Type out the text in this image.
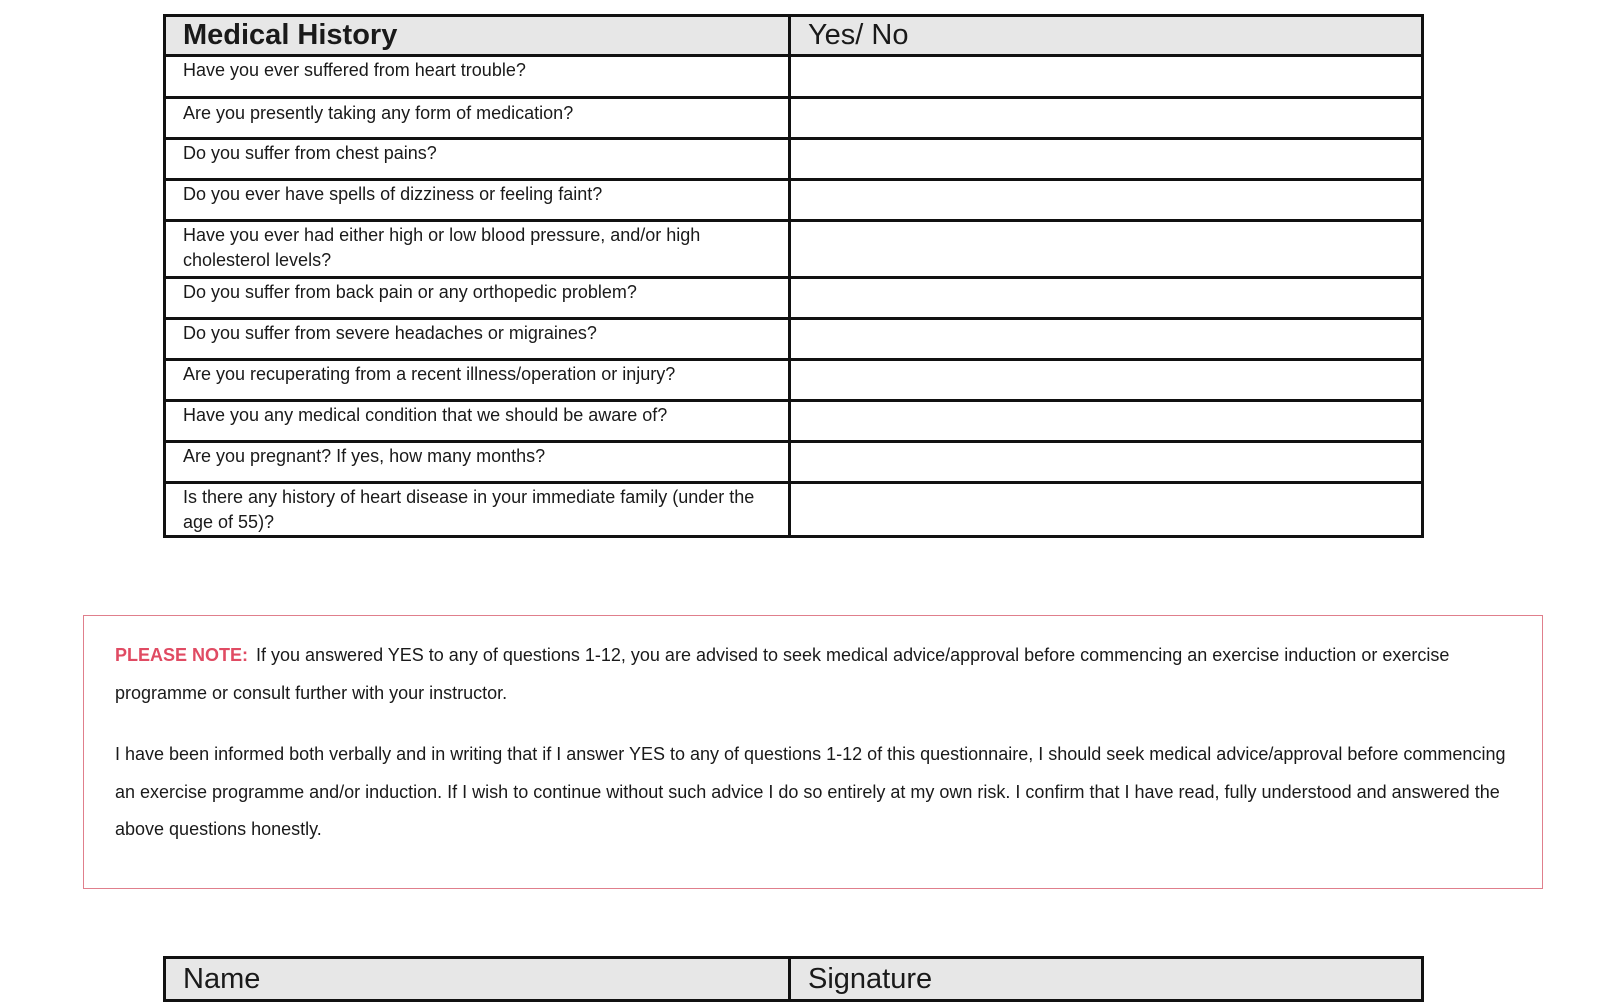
Medical History	Yes/ No
Have you ever suffered from heart trouble?	
Are you presently taking any form of medication?	
Do you suffer from chest pains?	
Do you ever have spells of dizziness or feeling faint?	
Have you ever had either high or low blood pressure, and/or high cholesterol levels?	
Do you suffer from back pain or any orthopedic problem?	
Do you suffer from severe headaches or migraines?	
Are you recuperating from a recent illness/operation or injury?	
Have you any medical condition that we should be aware of?	
Are you pregnant? If yes, how many months?	
Is there any history of heart disease in your immediate family (under the age of 55)?	

PLEASE NOTE: If you answered YES to any of questions 1-12, you are advised to seek medical advice/approval before commencing an exercise induction or exercise programme or consult further with your instructor.

I have been informed both verbally and in writing that if I answer YES to any of questions 1-12 of this questionnaire, I should seek medical advice/approval before commencing an exercise programme and/or induction. If I wish to continue without such advice I do so entirely at my own risk. I confirm that I have read, fully understood and answered the above questions honestly.

Name	Signature
